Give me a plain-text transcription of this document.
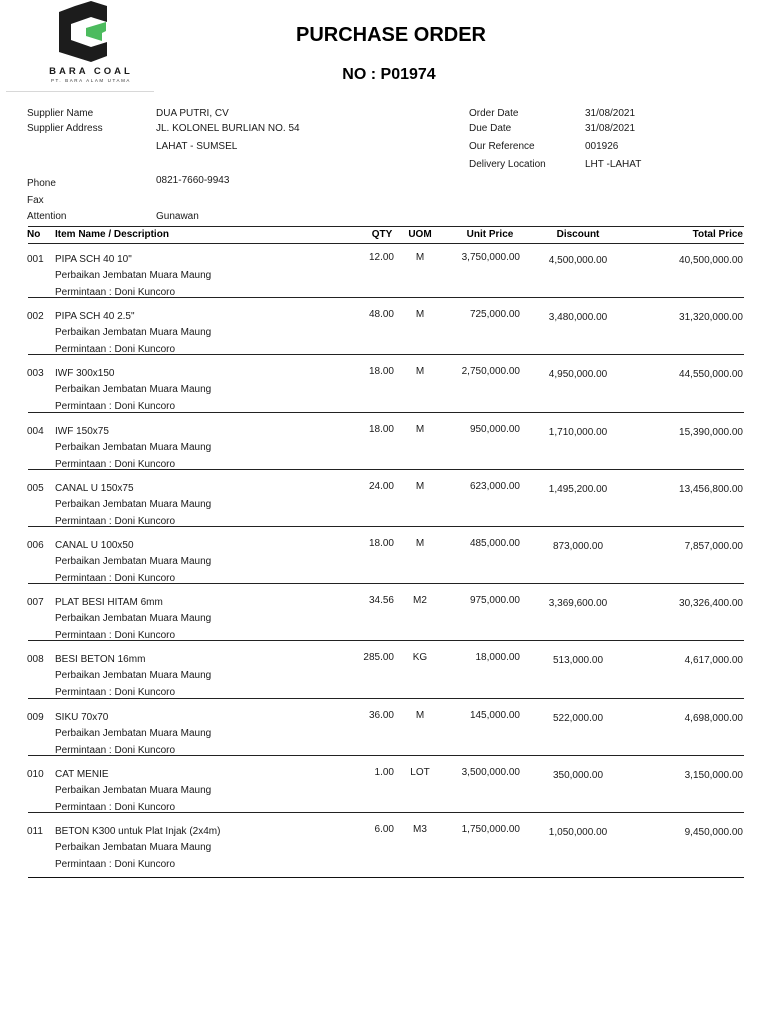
BARA COAL
PT. BARA ALAM UTAMA
PURCHASE ORDER
NO : P01974
Supplier Name	DUA PUTRI, CV
Supplier Address	JL. KOLONEL BURLIAN NO. 54
LAHAT - SUMSEL
Phone	0821-7660-9943
Fax
Attention	Gunawan
Order Date	31/08/2021
Due Date	31/08/2021
Our Reference	001926
Delivery Location	LHT -LAHAT
No Item Name / Description	QTY	UOM	Unit Price	Discount	Total Price
001 PIPA SCH 40 10"
Perbaikan Jembatan Muara Maung
Permintaan : Doni Kuncoro
12.00	M	3,750,000.00	4,500,000.00	40,500,000.00
002 PIPA SCH 40 2.5"
Perbaikan Jembatan Muara Maung
Permintaan : Doni Kuncoro
48.00	M	725,000.00	3,480,000.00	31,320,000.00
003 IWF 300x150
Perbaikan Jembatan Muara Maung
Permintaan : Doni Kuncoro
18.00	M	2,750,000.00	4,950,000.00	44,550,000.00
004 IWF 150x75
Perbaikan Jembatan Muara Maung
Permintaan : Doni Kuncoro
18.00	M	950,000.00	1,710,000.00	15,390,000.00
005 CANAL U 150x75
Perbaikan Jembatan Muara Maung
Permintaan : Doni Kuncoro
24.00	M	623,000.00	1,495,200.00	13,456,800.00
006 CANAL U 100x50
Perbaikan Jembatan Muara Maung
Permintaan : Doni Kuncoro
18.00	M	485,000.00	873,000.00	7,857,000.00
007 PLAT BESI HITAM 6mm
Perbaikan Jembatan Muara Maung
Permintaan : Doni Kuncoro
34.56	M2	975,000.00	3,369,600.00	30,326,400.00
008 BESI BETON 16mm
Perbaikan Jembatan Muara Maung
Permintaan : Doni Kuncoro
285.00	KG	18,000.00	513,000.00	4,617,000.00
009 SIKU 70x70
Perbaikan Jembatan Muara Maung
Permintaan : Doni Kuncoro
36.00	M	145,000.00	522,000.00	4,698,000.00
010 CAT MENIE
Perbaikan Jembatan Muara Maung
Permintaan : Doni Kuncoro
1.00	LOT	3,500,000.00	350,000.00	3,150,000.00
011 BETON K300 untuk Plat Injak (2x4m)
Perbaikan Jembatan Muara Maung
Permintaan : Doni Kuncoro
6.00	M3	1,750,000.00	1,050,000.00	9,450,000.00
